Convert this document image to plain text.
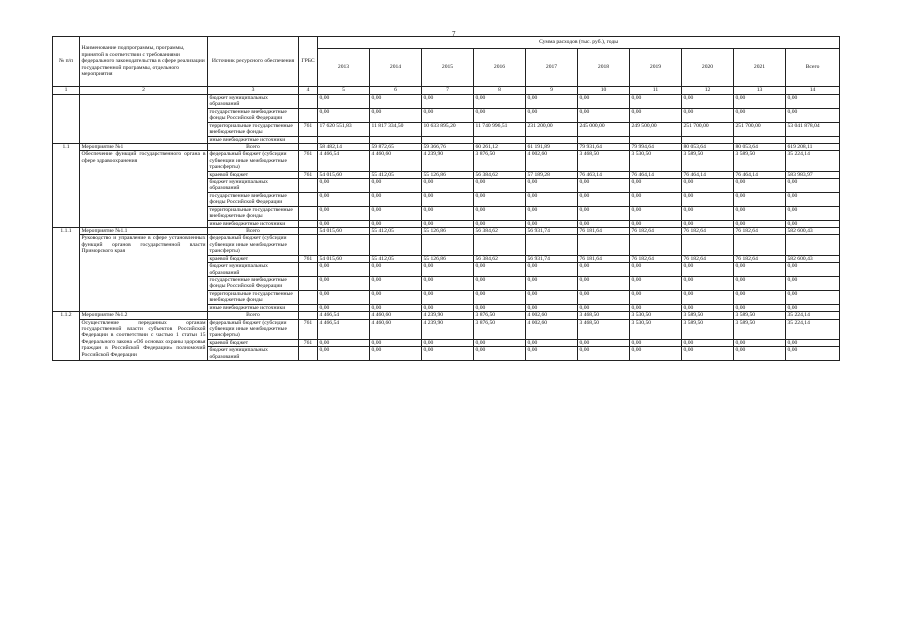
7
№ п/п	Наименование подпрограммы, программы, принятой в соответствии с требованиями федерального законодательства в сфере реализации государственной программы, отдельного мероприятия	Источник ресурсного обеспечения	ГРБС	Сумма расходов (тыс. руб.), годы									
				2013	2014	2015	2016	2017	2018	2019	2020	2021	Всего
1	2	3	4	5	6	7	8	9	10	11	12	13	14
		бюджет муниципальных образований		0,00	0,00	0,00	0,00	0,00	0,00	0,00	0,00	0,00	0,00
		государственные внебюджетные фонды Российской Федерации		0,00	0,00	0,00	0,00	0,00	0,00	0,00	0,00	0,00	0,00
		территориальные государственные внебюджетные фонды	761	17 620 551,83	11 817 334,50	10 633 895,20	11 740 996,51	231 200,00	245 000,00	249 500,00	251 700,00	251 700,00	53 041 878,04
		иные внебюджетные источники											
1.1	Мероприятие №1	Всего		58 482,14	59 872,65	59 366,76	60 261,12	61 191,89	79 931,64	79 994,64	80 053,64	80 053,64	619 208,11
	Обеспечение функций государственного органа в сфере здравоохранения	федеральный бюджет (субсидии субвенции иные межбюджетные трансферты)	761	4 466,54	4 460,60	4 239,90	3 876,50	4 002,60	3 468,50	3 530,50	3 589,50	3 589,50	35 224,14
		краевой бюджет	761	54 015,60	55 412,05	55 126,86	56 384,62	57 189,28	76 463,14	76 464,14	76 464,14	76 464,14	583 983,97
		бюджет муниципальных образований		0,00	0,00	0,00	0,00	0,00	0,00	0,00	0,00	0,00	0,00
		государственные внебюджетные фонды Российской Федерации		0,00	0,00	0,00	0,00	0,00	0,00	0,00	0,00	0,00	0,00
		территориальные государственные внебюджетные фонды		0,00	0,00	0,00	0,00	0,00	0,00	0,00	0,00	0,00	0,00
		иные внебюджетные источники		0,00	0,00	0,00	0,00	0,00	0,00	0,00	0,00	0,00	0,00
1.1.1	Мероприятие №1.1	Всего		54 015,60	55 412,05	55 126,86	56 384,62	56 931,74	76 181,64	76 182,64	76 182,64	76 182,64	582 600,43
	Руководство и управление в сфере установленных функций органов государственной власти Приморского края	федеральный бюджет (субсидии субвенции иные межбюджетные трансферты)											
		краевой бюджет	761	54 015,60	55 412,05	55 126,86	56 384,62	56 931,74	76 181,64	76 182,64	76 182,64	76 182,64	582 600,43
		бюджет муниципальных образований		0,00	0,00	0,00	0,00	0,00	0,00	0,00	0,00	0,00	0,00
		государственные внебюджетные фонды Российской Федерации		0,00	0,00	0,00	0,00	0,00	0,00	0,00	0,00	0,00	0,00
		территориальные государственные внебюджетные фонды		0,00	0,00	0,00	0,00	0,00	0,00	0,00	0,00	0,00	0,00
		иные внебюджетные источники		0,00	0,00	0,00	0,00	0,00	0,00	0,00	0,00	0,00	0,00
1.1.2	Мероприятие №1.2	Всего		4 466,54	4 460,60	4 239,90	3 876,50	4 002,60	3 468,50	3 530,50	3 589,50	3 589,50	35 224,14
	Осуществление переданных органам государственной власти субъектов Российской Федерации в соответствии с частью 1 статьи 15 Федерального закона «Об основах охраны здоровья граждан в Российской Федерации» полномочий Российской Федерации	федеральный бюджет (субсидии субвенции иные межбюджетные трансферты)	761	4 466,54	4 460,60	4 239,90	3 876,50	4 002,60	3 468,50	3 530,50	3 589,50	3 589,50	35 224,14
		краевой бюджет	761	0,00	0,00	0,00	0,00	0,00	0,00	0,00	0,00	0,00	0,00
		бюджет муниципальных образований		0,00	0,00	0,00	0,00	0,00	0,00	0,00	0,00	0,00	0,00
